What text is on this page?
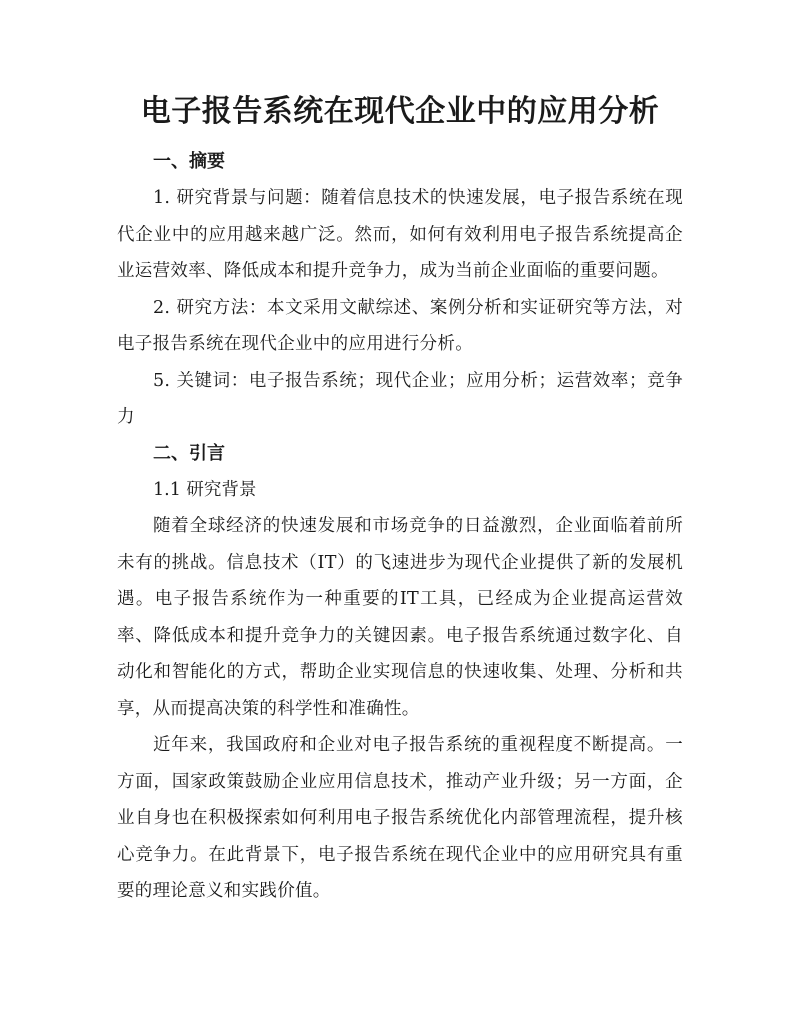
电子报告系统在现代企业中的应用分析
一、摘要

1. 研究背景与问题：随着信息技术的快速发展，电子报告系统在现代企业中的应用越来越广泛。然而，如何有效利用电子报告系统提高企业运营效率、降低成本和提升竞争力，成为当前企业面临的重要问题。

2. 研究方法：本文采用文献综述、案例分析和实证研究等方法，对电子报告系统在现代企业中的应用进行分析。

5. 关键词：电子报告系统；现代企业；应用分析；运营效率；竞争力

二、引言

1.1 研究背景

随着全球经济的快速发展和市场竞争的日益激烈，企业面临着前所未有的挑战。信息技术（IT）的飞速进步为现代企业提供了新的发展机遇。电子报告系统作为一种重要的IT工具，已经成为企业提高运营效率、降低成本和提升竞争力的关键因素。电子报告系统通过数字化、自动化和智能化的方式，帮助企业实现信息的快速收集、处理、分析和共享，从而提高决策的科学性和准确性。

近年来，我国政府和企业对电子报告系统的重视程度不断提高。一方面，国家政策鼓励企业应用信息技术，推动产业升级；另一方面，企业自身也在积极探索如何利用电子报告系统优化内部管理流程，提升核心竞争力。在此背景下，电子报告系统在现代企业中的应用研究具有重要的理论意义和实践价值。
